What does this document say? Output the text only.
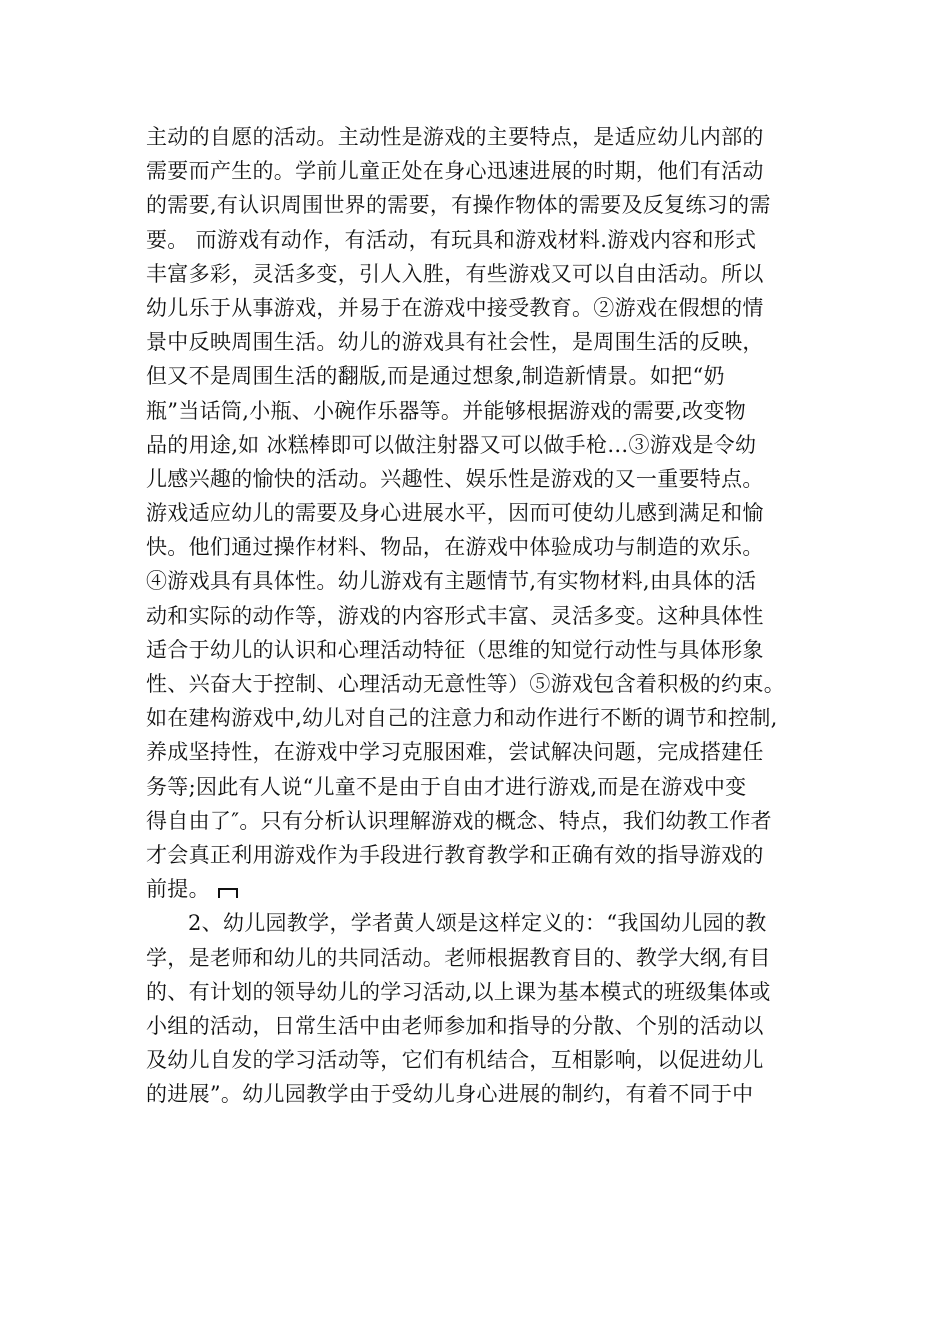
主动的自愿的活动。主动性是游戏的主要特点，是适应幼儿内部的
需要而产生的。学前儿童正处在身心迅速进展的时期，他们有活动
的需要,有认识周围世界的需要，有操作物体的需要及反复练习的需
要。 而游戏有动作，有活动，有玩具和游戏材料.游戏内容和形式
丰富多彩，灵活多变，引人入胜，有些游戏又可以自由活动。所以
幼儿乐于从事游戏，并易于在游戏中接受教育。②游戏在假想的情
景中反映周围生活。幼儿的游戏具有社会性，是周围生活的反映，
但又不是周围生活的翻版,而是通过想象,制造新情景。如把“奶
瓶”当话筒,小瓶、小碗作乐器等。并能够根据游戏的需要,改变物
品的用途,如 冰糕棒即可以做注射器又可以做手枪…③游戏是令幼
儿感兴趣的愉快的活动。兴趣性、娱乐性是游戏的又一重要特点。
游戏适应幼儿的需要及身心进展水平，因而可使幼儿感到满足和愉
快。他们通过操作材料、物品，在游戏中体验成功与制造的欢乐。
④游戏具有具体性。幼儿游戏有主题情节,有实物材料,由具体的活
动和实际的动作等，游戏的内容形式丰富、灵活多变。这种具体性
适合于幼儿的认识和心理活动特征（思维的知觉行动性与具体形象
性、兴奋大于控制、心理活动无意性等）⑤游戏包含着积极的约束。
如在建构游戏中,幼儿对自己的注意力和动作进行不断的调节和控制,
养成坚持性，在游戏中学习克服困难，尝试解决问题，完成搭建任
务等;因此有人说“儿童不是由于自由才进行游戏,而是在游戏中变
得自由了″。只有分析认识理解游戏的概念、特点，我们幼教工作者
才会真正利用游戏作为手段进行教育教学和正确有效的指导游戏的
前提。
2、幼儿园教学，学者黄人颂是这样定义的：“我国幼儿园的教
学，是老师和幼儿的共同活动。老师根据教育目的、教学大纲,有目
的、有计划的领导幼儿的学习活动,以上课为基本模式的班级集体或
小组的活动，日常生活中由老师参加和指导的分散、个别的活动以
及幼儿自发的学习活动等，它们有机结合，互相影响，以促进幼儿
的进展”。幼儿园教学由于受幼儿身心进展的制约，有着不同于中
